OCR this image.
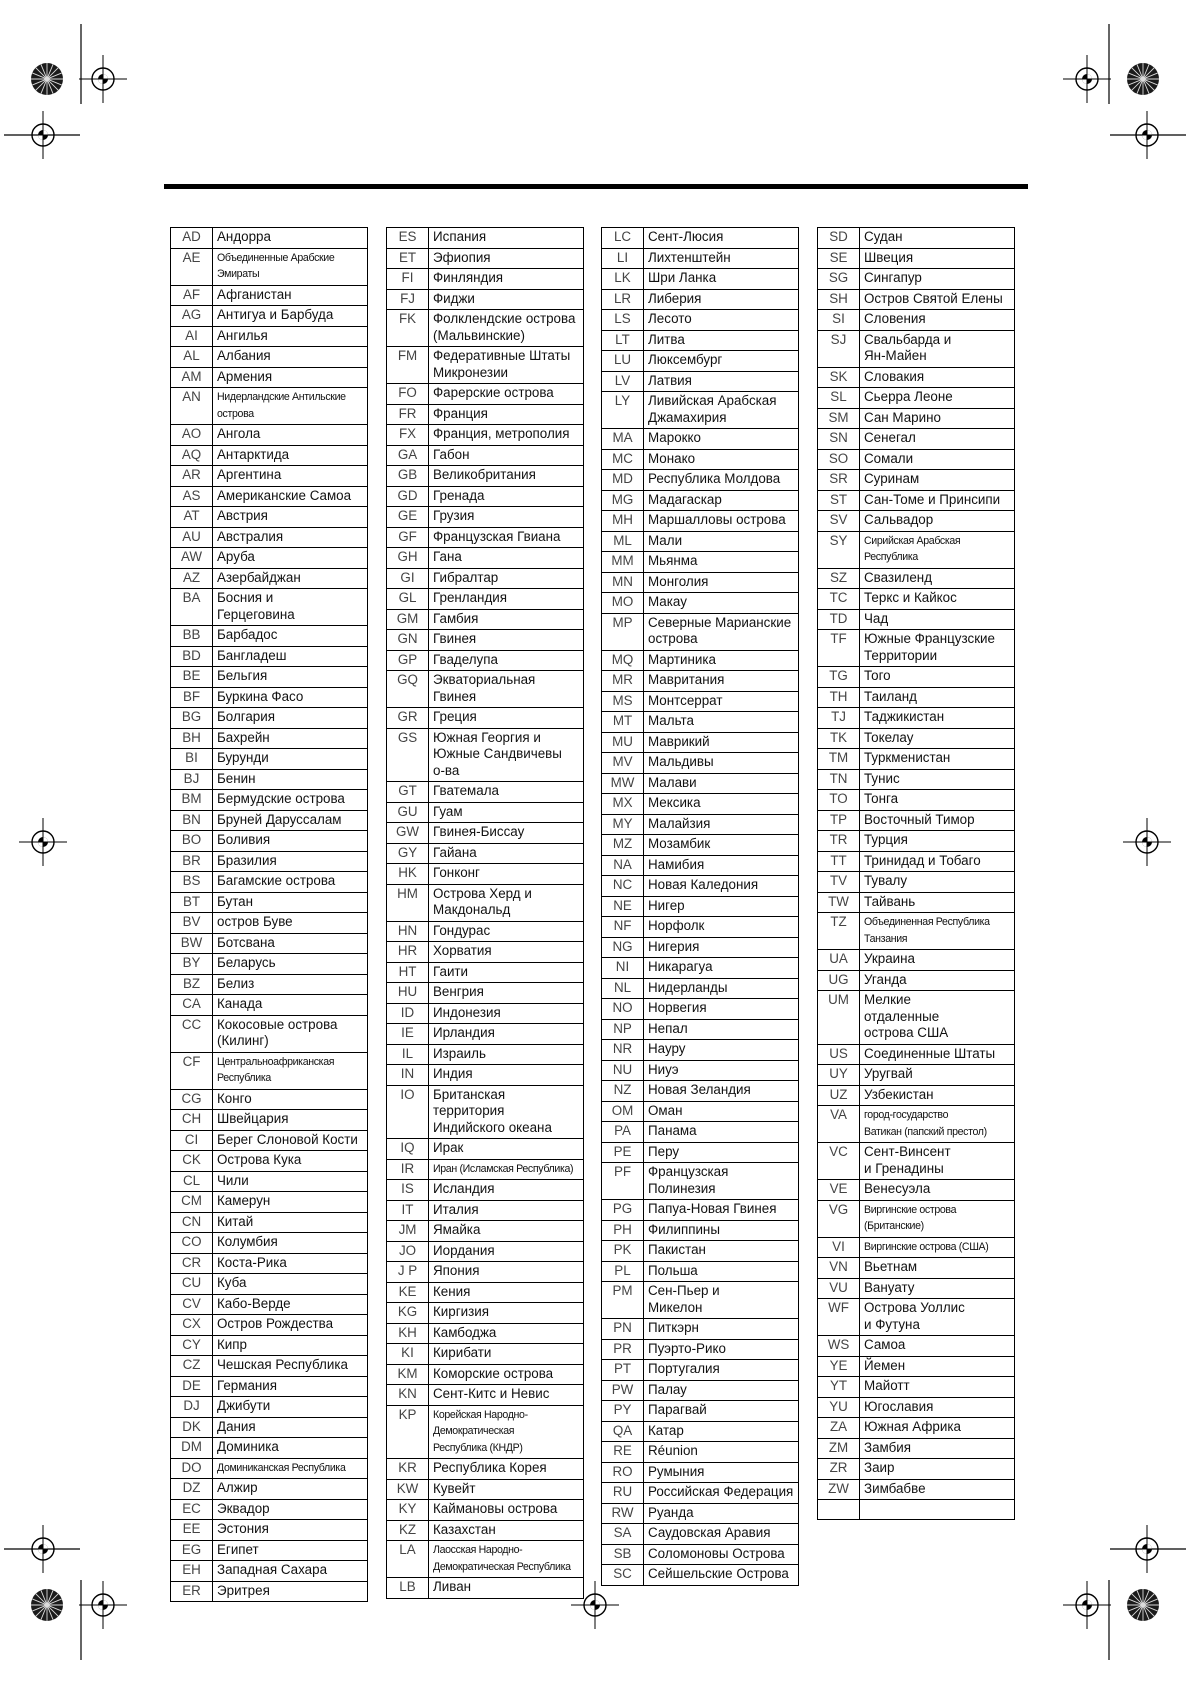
AD	Андорра
AE	Объединенные Арабские Эмираты
AF	Афганистан
AG	Антигуа и Барбуда
AI	Ангилья
AL	Албания
AM	Армения
AN	Нидерландские Антильские острова
AO	Ангола
AQ	Антарктида
AR	Аргентина
AS	Американские Самоа
AT	Австрия
AU	Австралия
AW	Аруба
AZ	Азербайджан
BA	Босния и
Герцеговина
BB	Барбадос
BD	Бангладеш
BE	Бельгия
BF	Буркина Фасо
BG	Болгария
BH	Бахрейн
BI	Бурунди
BJ	Бенин
BM	Бермудские острова
BN	Бруней Даруссалам
BO	Боливия
BR	Бразилия
BS	Багамские острова
BT	Бутан
BV	остров Буве
BW	Ботсвана
BY	Беларусь
BZ	Белиз
CA	Канада
CC	Кокосовые острова
(Килинг)
CF	Центральноафриканская
Республика
CG	Конго
CH	Швейцария
CI	Берег Слоновой Кости
CK	Острова Кука
CL	Чили
CM	Камерун
CN	Китай
CO	Колумбия
CR	Коста-Рика
CU	Куба
CV	Кабо-Верде
CX	Остров Рождества
CY	Кипр
CZ	Чешская Республика
DE	Германия
DJ	Джибути
DK	Дания
DM	Доминика
DO	Доминиканская Республика
DZ	Алжир
EC	Эквадор
EE	Эстония
EG	Египет
EH	Западная Сахара
ER	Эритрея
ES	Испания
ET	Эфиопия
FI	Финляндия
FJ	Фиджи
FK	Фолклендские острова
(Мальвинские)
FM	Федеративные Штаты
Микронезии
FO	Фарерские острова
FR	Франция
FX	Франция, метрополия
GA	Габон
GB	Великобритания
GD	Гренада
GE	Грузия
GF	Французская Гвиана
GH	Гана
GI	Гибралтар
GL	Гренландия
GM	Гамбия
GN	Гвинея
GP	Гваделупа
GQ	Экваториальная Гвинея
GR	Греция
GS	Южная Георгия и
Южные Сандвичевы
о-ва
GT	Гватемала
GU	Гуам
GW	Гвинея-Биссау
GY	Гайана
HK	Гонконг
HM	Острова Херд и
Макдональд
HN	Гондурас
HR	Хорватия
HT	Гаити
HU	Венгрия
ID	Индонезия
IE	Ирландия
IL	Израиль
IN	Индия
IO	Британская территория
Индийского океана
IQ	Ирак
IR	Иран (Исламская Республика)
IS	Исландия
IT	Италия
JM	Ямайка
JO	Иордания
J P	Япония
KE	Кения
KG	Киргизия
KH	Камбоджа
KI	Кирибати
KM	Коморские острова
KN	Сент-Китс и Невис
KP	Корейская Народно-Демократическая
Республика (КНДР)
KR	Республика Корея
KW	Кувейт
KY	Каймановы острова
KZ	Казахстан
LA	Лаосская Народно-
Демократическая Республика
LB	Ливан
LC	Сент-Люсия
LI	Лихтенштейн
LK	Шри Ланка
LR	Либерия
LS	Лесото
LT	Литва
LU	Люксембург
LV	Латвия
LY	Ливийская Арабская
Джамахирия
MA	Марокко
MC	Монако
MD	Республика Молдова
MG	Мадагаскар
MH	Маршалловы острова
ML	Мали
MM	Мьянма
MN	Монголия
MO	Макау
MP	Северные Марианские
острова
MQ	Мартиника
MR	Мавритания
MS	Монтсеррат
MT	Мальта
MU	Маврикий
MV	Мальдивы
MW	Малави
MX	Мексика
MY	Малайзия
MZ	Мозамбик
NA	Намибия
NC	Новая Каледония
NE	Нигер
NF	Норфолк
NG	Нигерия
NI	Никарагуа
NL	Нидерланды
NO	Норвегия
NP	Непал
NR	Науру
NU	Ниуэ
NZ	Новая Зеландия
OM	Оман
PA	Панама
PE	Перу
PF	Французская Полинезия
PG	Папуа-Новая Гвинея
PH	Филиппины
PK	Пакистан
PL	Польша
PM	Сен-Пьер и
Микелон
PN	Питкэрн
PR	Пуэрто-Рико
PT	Португалия
PW	Палау
PY	Парагвай
QA	Катар
RE	Réunion
RO	Румыния
RU	Российская Федерация
RW	Руанда
SA	Саудовская Аравия
SB	Соломоновы Острова
SC	Сейшельские Острова
SD	Судан
SE	Швеция
SG	Сингапур
SH	Остров Святой Елены
SI	Словения
SJ	Свальбарда и
Ян-Майен
SK	Словакия
SL	Сьерра Леоне
SM	Сан Марино
SN	Сенегал
SO	Сомали
SR	Суринам
ST	Сан-Томе и Принсипи
SV	Сальвадор
SY	Сирийская Арабская Республика
SZ	Свазиленд
TC	Теркс и Кайкос
TD	Чад
TF	Южные Французские
Территории
TG	Того
TH	Таиланд
TJ	Таджикистан
TK	Токелау
TM	Туркменистан
TN	Тунис
TO	Тонга
TP	Восточный Тимор
TR	Турция
TT	Тринидад и Тобаго
TV	Тувалу
TW	Тайвань
TZ	Объединенная Республика Танзания
UA	Украина
UG	Уганда
UM	Мелкие
отдаленные
острова США
US	Соединенные Штаты
UY	Уругвай
UZ	Узбекистан
VA	город-государство
Ватикан (папский престол)
VC	Сент-Винсент
и Гренадины
VE	Венесуэла
VG	Виргинские острова (Британские)
VI	Виргинские острова (США)
VN	Вьетнам
VU	Вануату
WF	Острова Уоллис
и Футуна
WS	Самоа
YE	Йемен
YT	Майотт
YU	Югославия
ZA	Южная Африка
ZM	Замбия
ZR	Заир
ZW	Зимбабве
